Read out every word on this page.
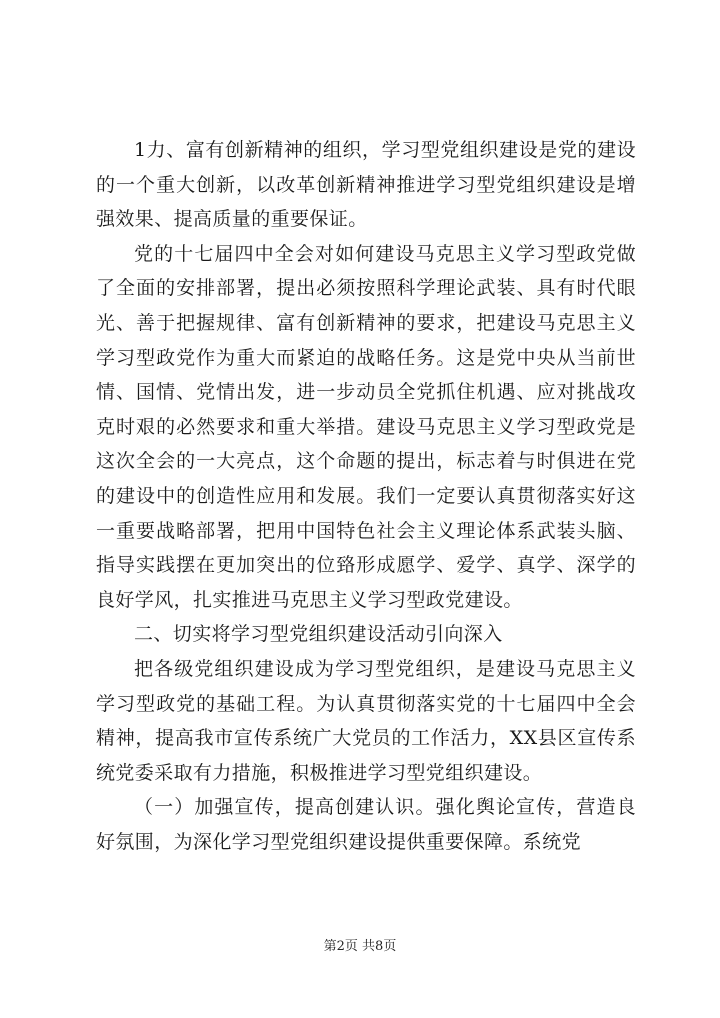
1力、富有创新精神的组织，学习型党组织建设是党的建设的一个重大创新，以改革创新精神推进学习型党组织建设是增强效果、提高质量的重要保证。

党的十七届四中全会对如何建设马克思主义学习型政党做了全面的安排部署，提出必须按照科学理论武装、具有时代眼光、善于把握规律、富有创新精神的要求，把建设马克思主义学习型政党作为重大而紧迫的战略任务。这是党中央从当前世情、国情、党情出发，进一步动员全党抓住机遇、应对挑战攻克时艰的必然要求和重大举措。建设马克思主义学习型政党是这次全会的一大亮点，这个命题的提出，标志着与时俱进在党的建设中的创造性应用和发展。我们一定要认真贯彻落实好这一重要战略部署，把用中国特色社会主义理论体系武装头脑、指导实践摆在更加突出的位臵形成愿学、爱学、真学、深学的良好学风，扎实推进马克思主义学习型政党建设。

二、切实将学习型党组织建设活动引向深入

把各级党组织建设成为学习型党组织，是建设马克思主义学习型政党的基础工程。为认真贯彻落实党的十七届四中全会精神，提高我市宣传系统广大党员的工作活力，XX县区宣传系统党委采取有力措施，积极推进学习型党组织建设。

（一）加强宣传，提高创建认识。强化舆论宣传，营造良好氛围，为深化学习型党组织建设提供重要保障。系统党

第2页 共8页
